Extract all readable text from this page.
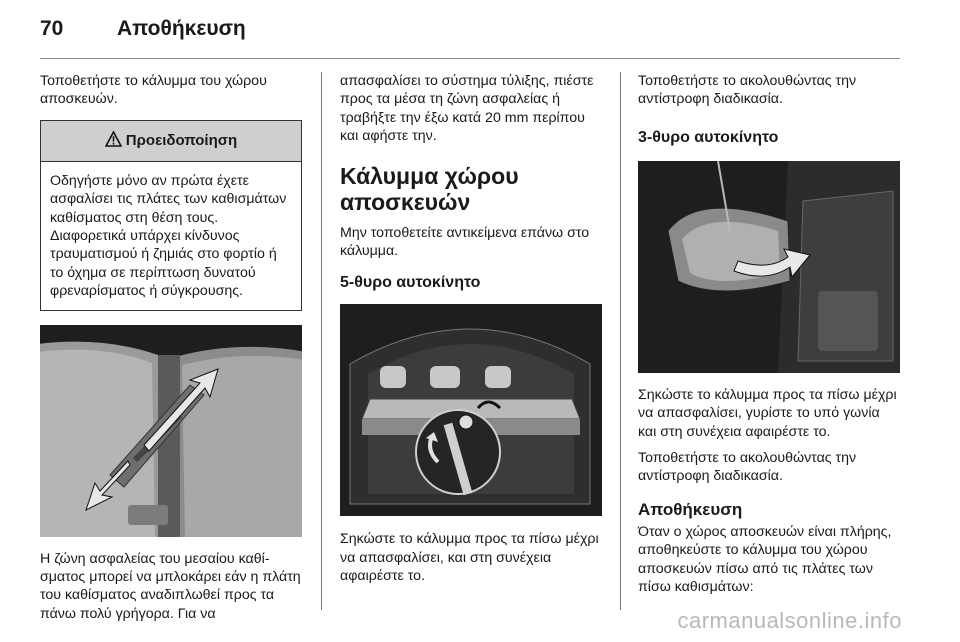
70	Αποθήκευση

Τοποθετήστε το κάλυμμα του χώρου αποσκευών.

Προειδοποίηση

Οδηγήστε μόνο αν πρώτα έχετε ασφαλίσει τις πλάτες των καθισμάτων καθίσματος στη θέση τους. Διαφορετικά υπάρχει κίνδυνος τραυματισμού ή ζημιάς στο φορτίο ή το όχημα σε περίπτωση δυνατού φρεναρίσματος ή σύγκρουσης.

Η ζώνη ασφαλείας του μεσαίου καθίσματος μπορεί να μπλοκάρει εάν η πλάτη του καθίσματος αναδιπλωθεί προς τα πάνω πολύ γρήγορα. Για να

απασφαλίσει το σύστημα τύλιξης, πιέστε προς τα μέσα τη ζώνη ασφαλείας ή τραβήξτε την έξω κατά 20 mm περίπου και αφήστε την.

Κάλυμμα χώρου αποσκευών

Μην τοποθετείτε αντικείμενα επάνω στο κάλυμμα.

5-θυρο αυτοκίνητο

Σηκώστε το κάλυμμα προς τα πίσω μέχρι να απασφαλίσει, και στη συνέχεια αφαιρέστε το.

Τοποθετήστε το ακολουθώντας την αντίστροφη διαδικασία.

3-θυρο αυτοκίνητο

Σηκώστε το κάλυμμα προς τα πίσω μέχρι να απασφαλίσει, γυρίστε το υπό γωνία και στη συνέχεια αφαιρέστε το.

Τοποθετήστε το ακολουθώντας την αντίστροφη διαδικασία.

Αποθήκευση

Όταν ο χώρος αποσκευών είναι πλήρης, αποθηκεύστε το κάλυμμα του χώρου αποσκευών πίσω από τις πλάτες των πίσω καθισμάτων:

carmanualsonline.info
